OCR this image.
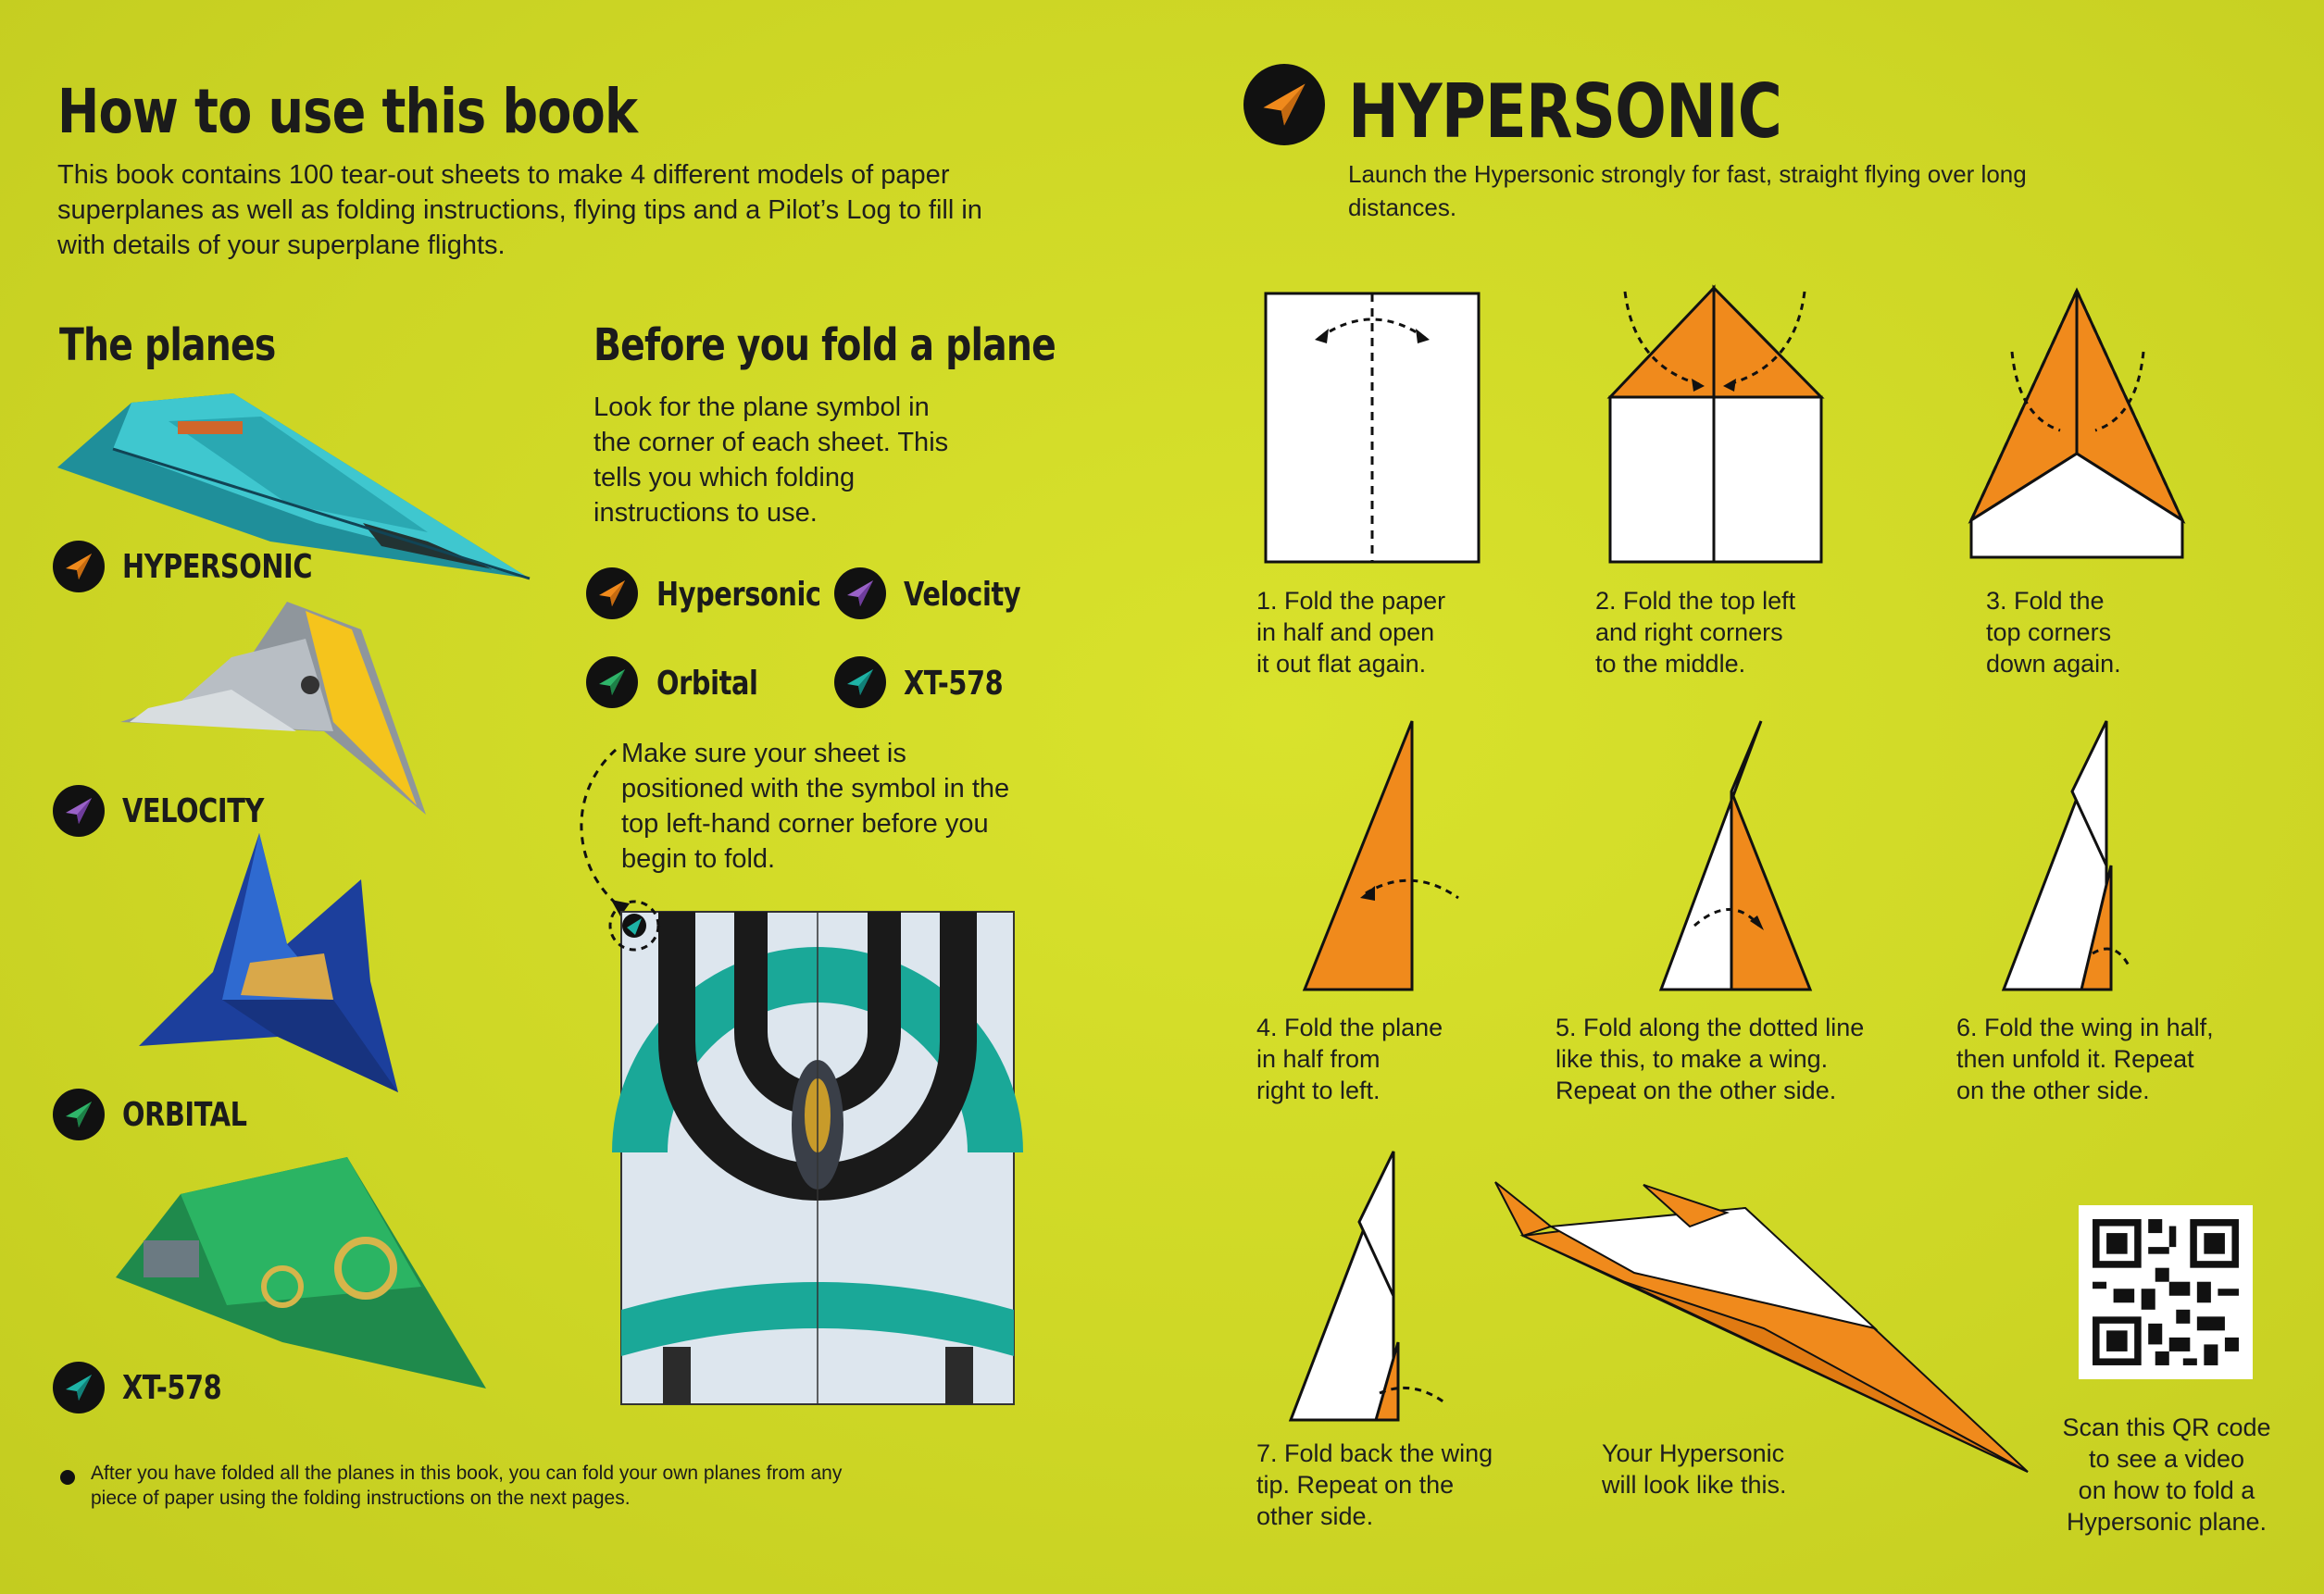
How to use this book
This book contains 100 tear-out sheets to make 4 different models of paper superplanes as well as folding instructions, flying tips and a Pilot’s Log to fill in with details of your superplane flights.
The planes
HYPERSONIC
VELOCITY
ORBITAL
XT-578
Before you fold a plane
Look for the plane symbol in the corner of each sheet. This tells you which folding instructions to use.
Hypersonic Velocity
Orbital	XT-578
Make sure your sheet is positioned with the symbol in the top left-hand corner before you begin to fold.
After you have folded all the planes in this book, you can fold your own planes from any piece of paper using the folding instructions on the next pages.
HYPERSONIC
Launch the Hypersonic strongly for fast, straight flying over long distances.
1. Fold the paper
in half and open
it out flat again.
2. Fold the top left
and right corners
to the middle.
3. Fold the
top corners
down again.
4. Fold the plane
in half from
right to left.
5. Fold along the dotted line
like this, to make a wing.
Repeat on the other side.
6. Fold the wing in half,
then unfold it. Repeat
on the other side.
7. Fold back the wing
tip. Repeat on the
other side.
Your Hypersonic
will look like this.
Scan this QR code
to see a video
on how to fold a
Hypersonic plane.
